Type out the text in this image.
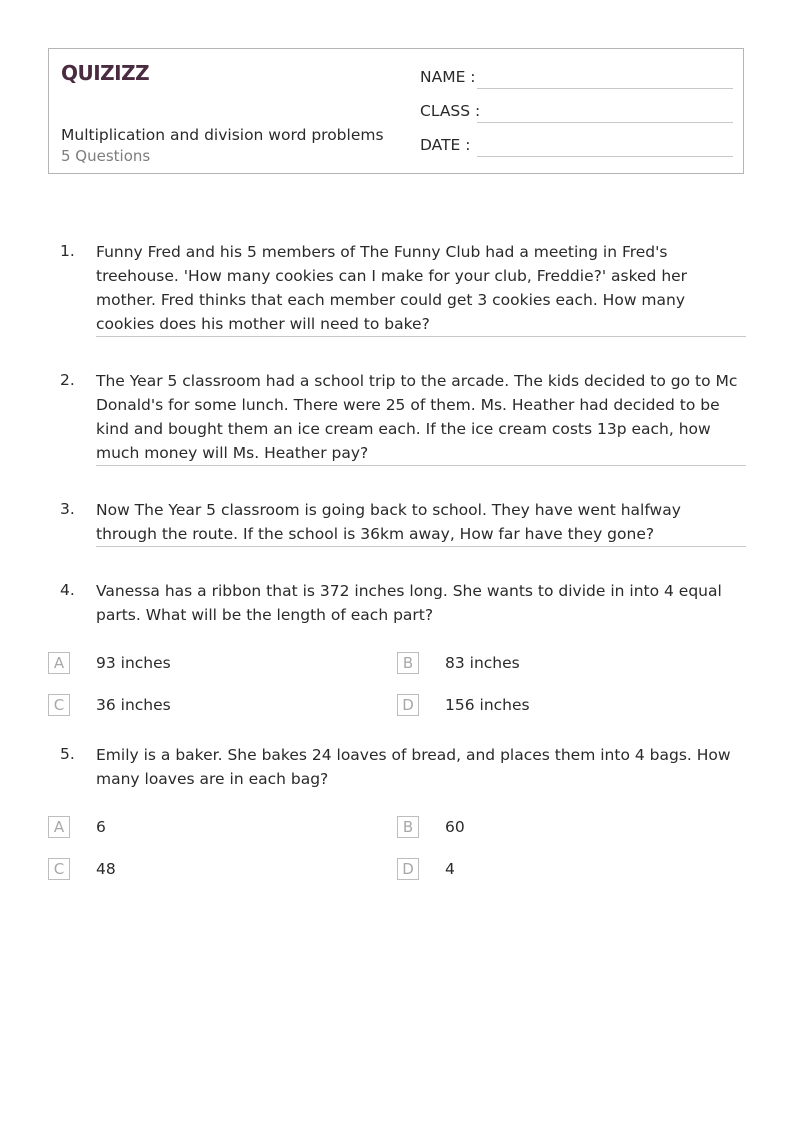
QUIZIZZ
Multiplication and division word problems
5 Questions
NAME :
CLASS :
DATE :
1. Funny Fred and his 5 members of The Funny Club had a meeting in Fred's treehouse. 'How many cookies can I make for your club, Freddie?' asked her mother. Fred thinks that each member could get 3 cookies each. How many cookies does his mother will need to bake?
2. The Year 5 classroom had a school trip to the arcade. The kids decided to go to Mc Donald's for some lunch. There were 25 of them. Ms. Heather had decided to be kind and bought them an ice cream each. If the ice cream costs 13p each, how much money will Ms. Heather pay?
3. Now The Year 5 classroom is going back to school. They have went halfway through the route. If the school is 36km away, How far have they gone?
4. Vanessa has a ribbon that is 372 inches long. She wants to divide in into 4 equal parts. What will be the length of each part?
A	93 inches	B	83 inches
C	36 inches	D	156 inches
5. Emily is a baker. She bakes 24 loaves of bread, and places them into 4 bags. How many loaves are in each bag?
A	6	B	60
C	48	D	4
